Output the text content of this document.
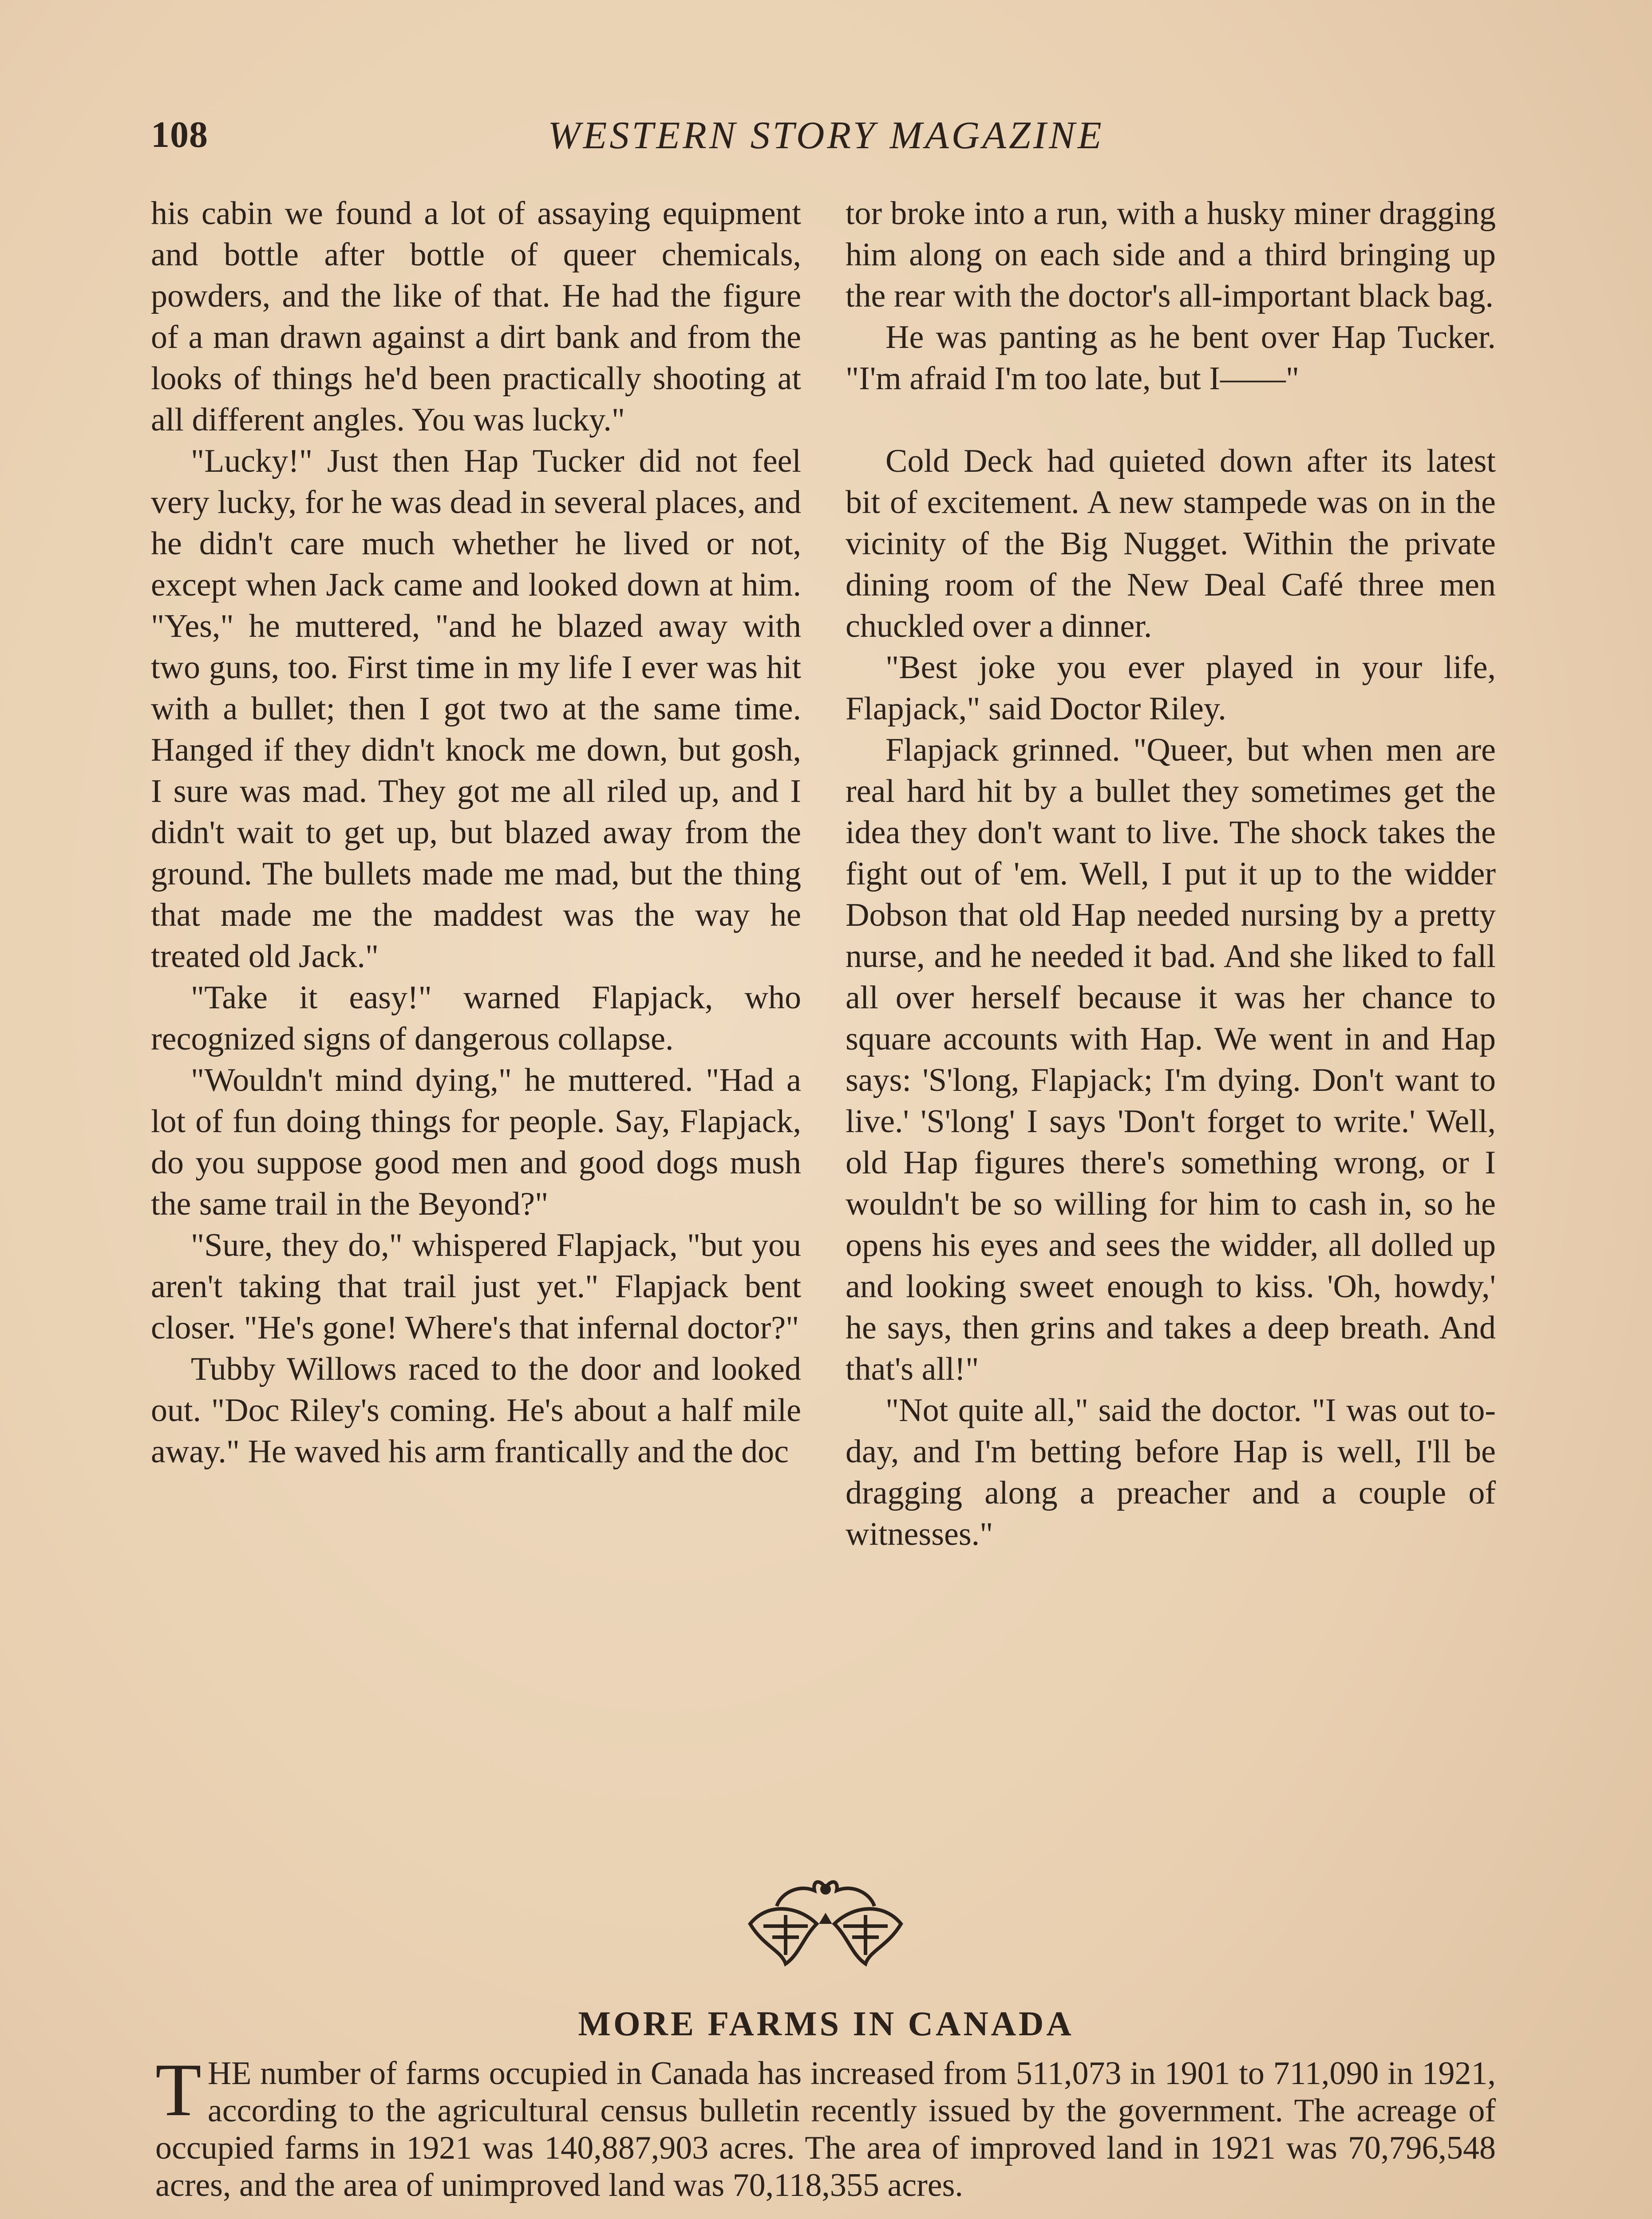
108	WESTERN STORY MAGAZINE

his cabin we found a lot of assaying equipment and bottle after bottle of queer chemicals, powders, and the like of that. He had the figure of a man drawn against a dirt bank and from the looks of things he'd been practically shooting at all different angles. You was lucky."

"Lucky!" Just then Hap Tucker did not feel very lucky, for he was dead in several places, and he didn't care much whether he lived or not, except when Jack came and looked down at him. "Yes," he muttered, "and he blazed away with two guns, too. First time in my life I ever was hit with a bullet; then I got two at the same time. Hanged if they didn't knock me down, but gosh, I sure was mad. They got me all riled up, and I didn't wait to get up, but blazed away from the ground. The bullets made me mad, but the thing that made me the maddest was the way he treated old Jack."

"Take it easy!" warned Flapjack, who recognized signs of dangerous collapse.

"Wouldn't mind dying," he muttered. "Had a lot of fun doing things for people. Say, Flapjack, do you suppose good men and good dogs mush the same trail in the Beyond?"

"Sure, they do," whispered Flapjack, "but you aren't taking that trail just yet." Flapjack bent closer. "He's gone! Where's that infernal doctor?"

Tubby Willows raced to the door and looked out. "Doc Riley's coming. He's about a half mile away." He waved his arm frantically and the doc

tor broke into a run, with a husky miner dragging him along on each side and a third bringing up the rear with the doctor's all-important black bag.

He was panting as he bent over Hap Tucker. "I'm afraid I'm too late, but I——"

Cold Deck had quieted down after its latest bit of excitement. A new stampede was on in the vicinity of the Big Nugget. Within the private dining room of the New Deal Café three men chuckled over a dinner.

"Best joke you ever played in your life, Flapjack," said Doctor Riley.

Flapjack grinned. "Queer, but when men are real hard hit by a bullet they sometimes get the idea they don't want to live. The shock takes the fight out of 'em. Well, I put it up to the widder Dobson that old Hap needed nursing by a pretty nurse, and he needed it bad. And she liked to fall all over herself because it was her chance to square accounts with Hap. We went in and Hap says: 'S'long, Flapjack; I'm dying. Don't want to live.' 'S'long' I says 'Don't forget to write.' Well, old Hap figures there's something wrong, or I wouldn't be so willing for him to cash in, so he opens his eyes and sees the widder, all dolled up and looking sweet enough to kiss. 'Oh, howdy,' he says, then grins and takes a deep breath. And that's all!"

"Not quite all," said the doctor. "I was out to-day, and I'm betting before Hap is well, I'll be dragging along a preacher and a couple of witnesses."

MORE FARMS IN CANADA
THE number of farms occupied in Canada has increased from 511,073 in 1901 to 711,090 in 1921, according to the agricultural census bulletin recently issued by the government. The acreage of occupied farms in 1921 was 140,887,903 acres. The area of improved land in 1921 was 70,796,548 acres, and the area of unimproved land was 70,118,355 acres.
